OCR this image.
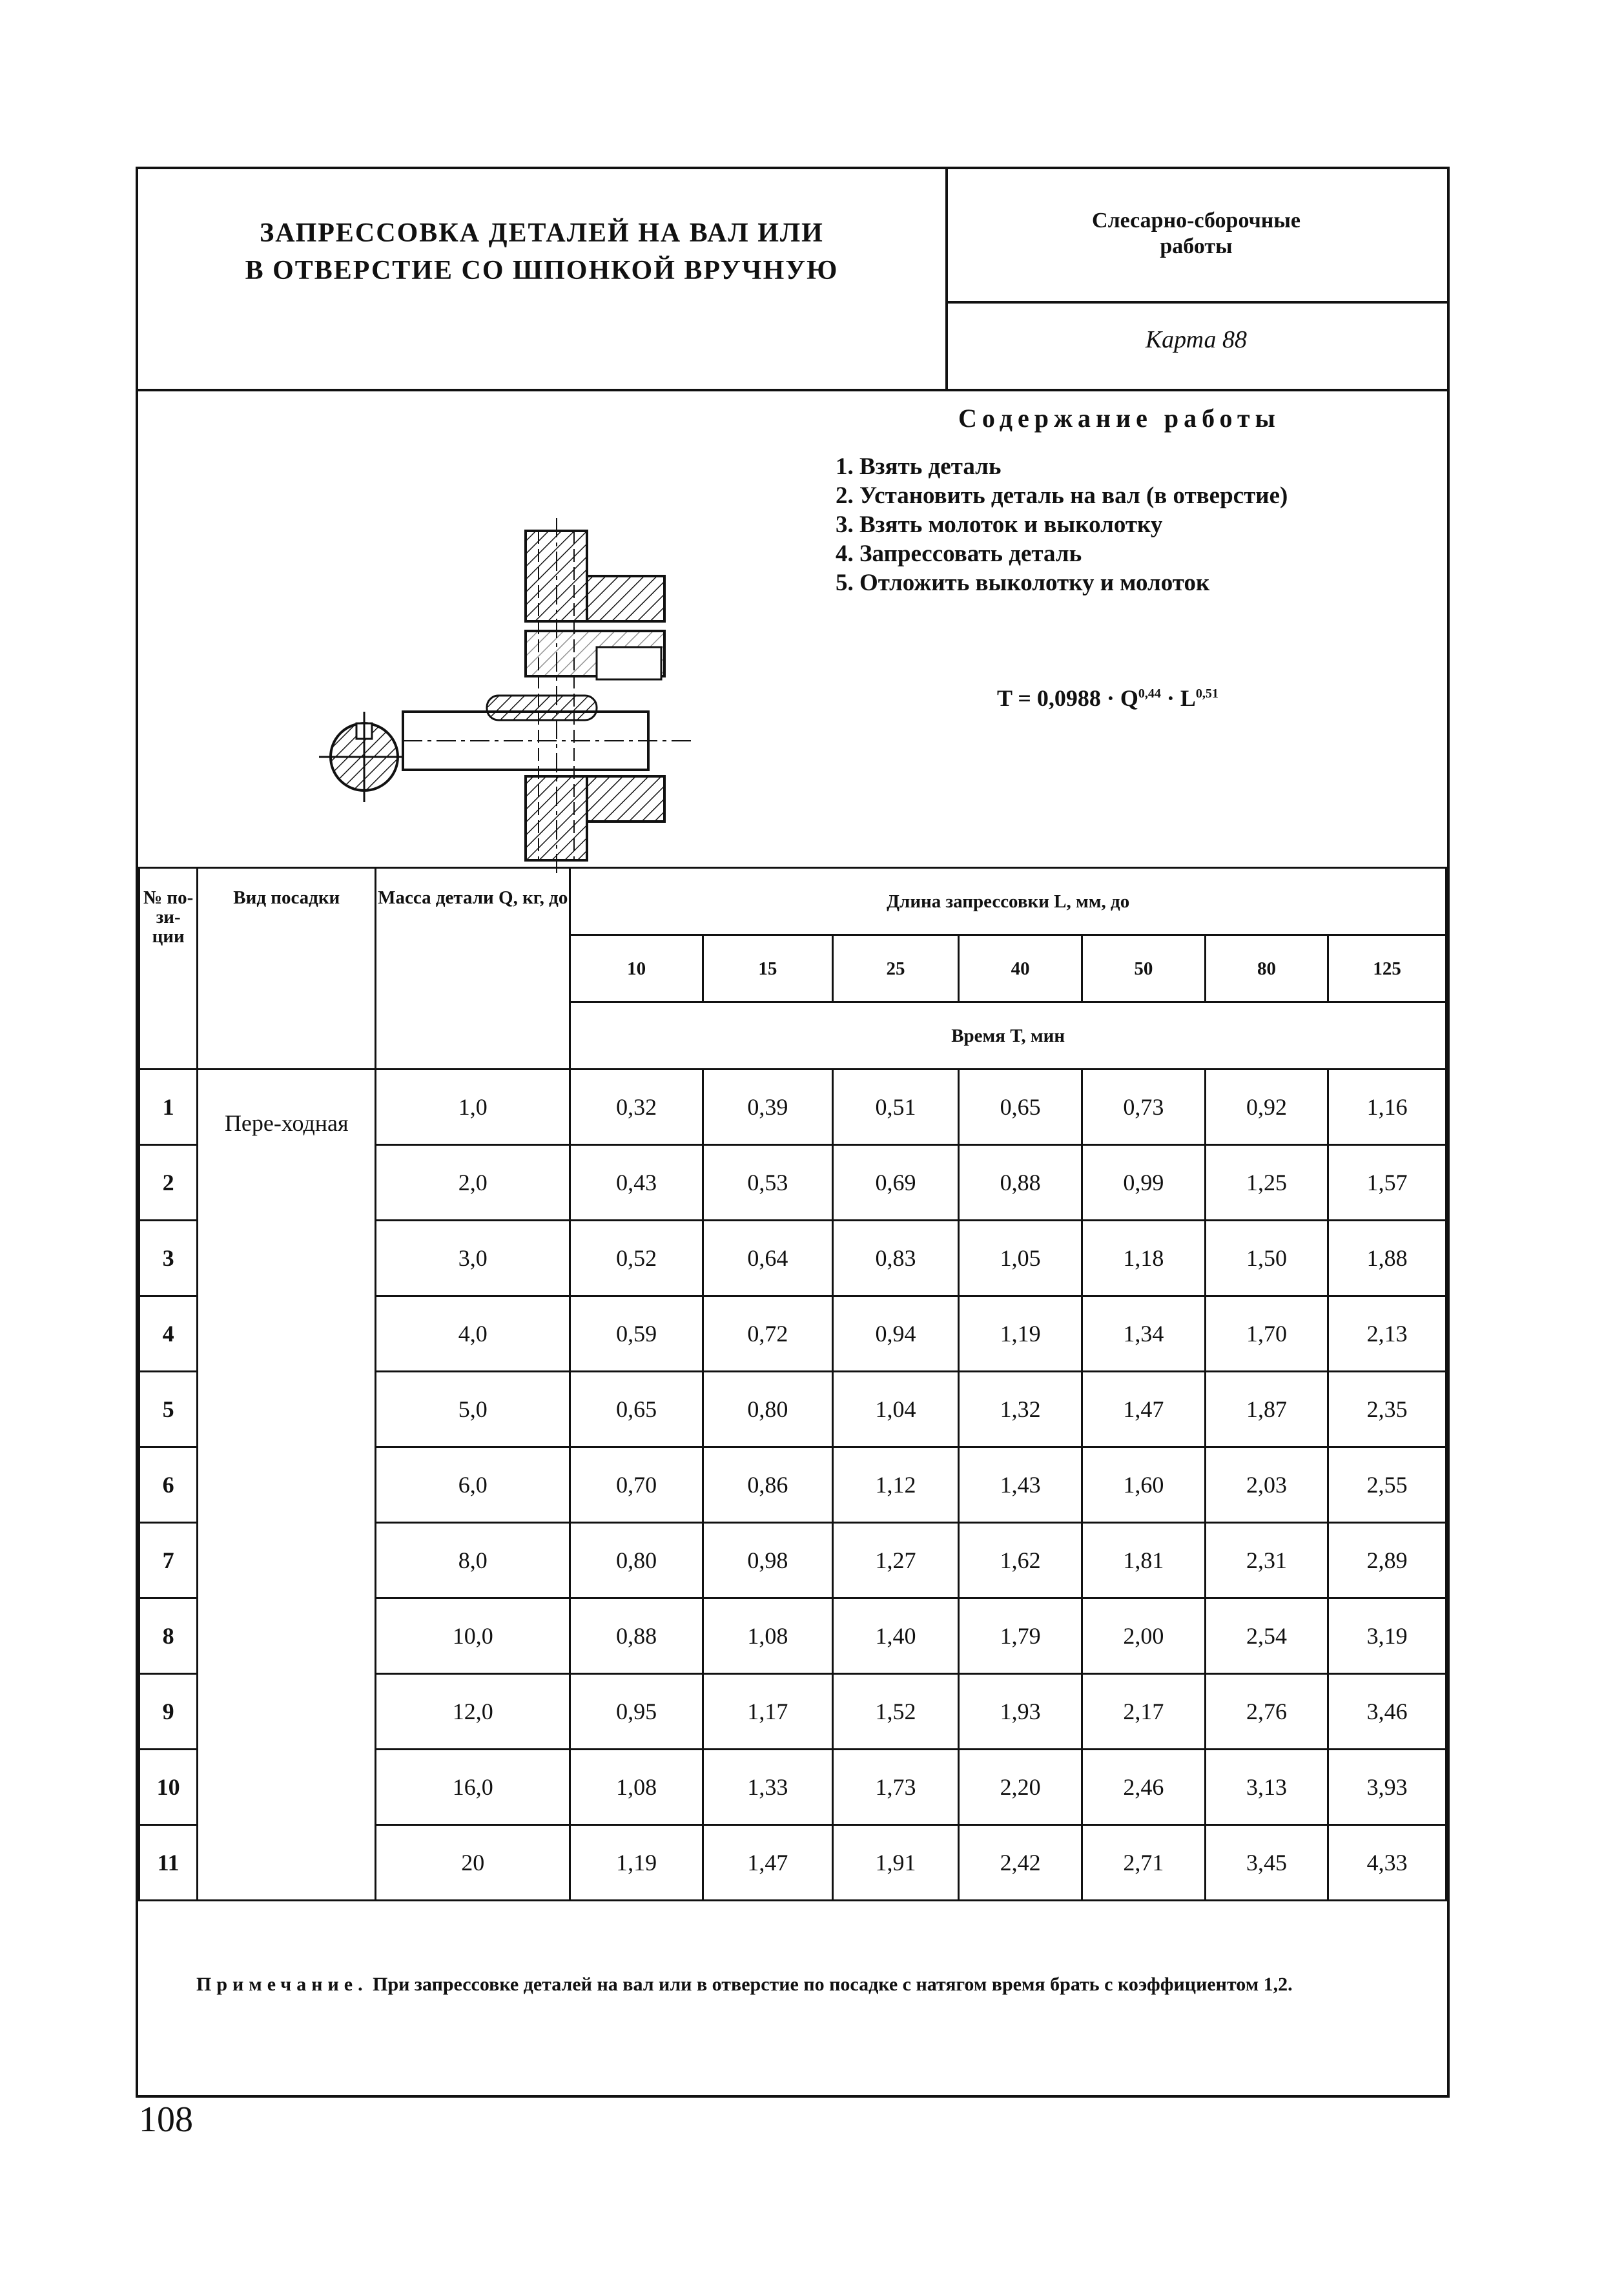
ЗАПРЕССОВКА ДЕТАЛЕЙ НА ВАЛ ИЛИ
В ОТВЕРСТИЕ СО ШПОНКОЙ ВРУЧНУЮ
Слесарно-сборочные
работы
Карта 88
Содержание работы
1. Взять деталь
2. Установить деталь на вал (в отверстие)
3. Взять молоток и выколотку
4. Запрессовать деталь
5. Отложить выколотку и молоток
T = 0,0988 · Q$^{0,44}$ · L$^{0,51}$
№ по-зи-ции	Вид посадки	Масса детали Q, кг, до	Длина запрессовки L, мм, до						
			10	15	25	40	50	80	125
			Время T, мин						
1	Пере-ходная	1,0	0,32	0,39	0,51	0,65	0,73	0,92	1,16
2		2,0	0,43	0,53	0,69	0,88	0,99	1,25	1,57
3		3,0	0,52	0,64	0,83	1,05	1,18	1,50	1,88
4		4,0	0,59	0,72	0,94	1,19	1,34	1,70	2,13
5		5,0	0,65	0,80	1,04	1,32	1,47	1,87	2,35
6		6,0	0,70	0,86	1,12	1,43	1,60	2,03	2,55
7		8,0	0,80	0,98	1,27	1,62	1,81	2,31	2,89
8		10,0	0,88	1,08	1,40	1,79	2,00	2,54	3,19
9		12,0	0,95	1,17	1,52	1,93	2,17	2,76	3,46
10		16,0	1,08	1,33	1,73	2,20	2,46	3,13	3,93
11		20	1,19	1,47	1,91	2,42	2,71	3,45	4,33
Примечание. При запрессовке деталей на вал или в отверстие по посадке с натягом время брать с коэффициентом 1,2.
108
